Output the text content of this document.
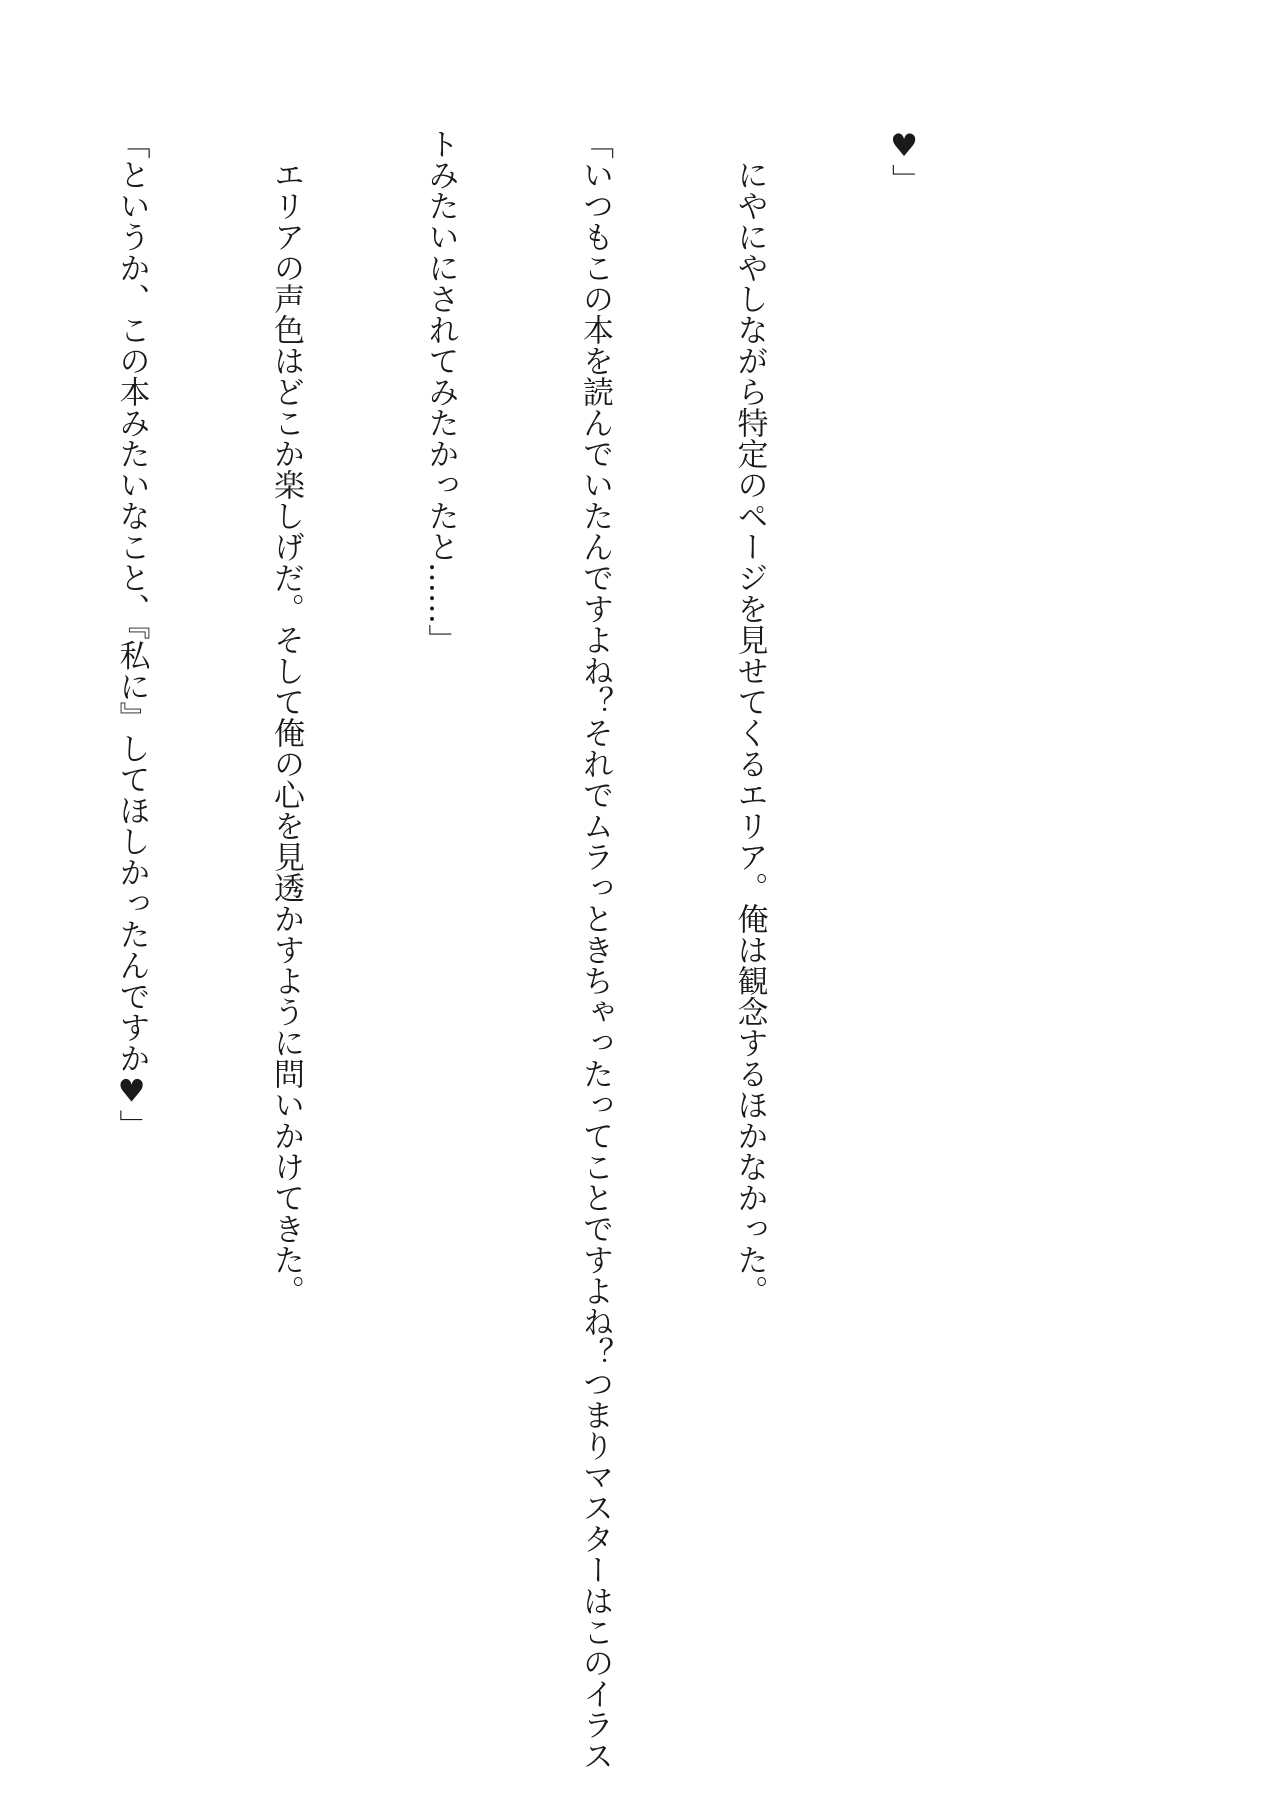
♥」

　にやにやしながら特定のページを見せてくるエリア。俺は観念するほかなかった。

「いつもこの本を読んでいたんですよね？それでムラっときちゃったってことですよね？つまりマスターはこのイラス

トみたいにされてみたかったと……」

　エリアの声色はどこか楽しげだ。そして俺の心を見透かすように問いかけてきた。

「というか、この本みたいなこと、『私に』してほしかったんですか♥」
